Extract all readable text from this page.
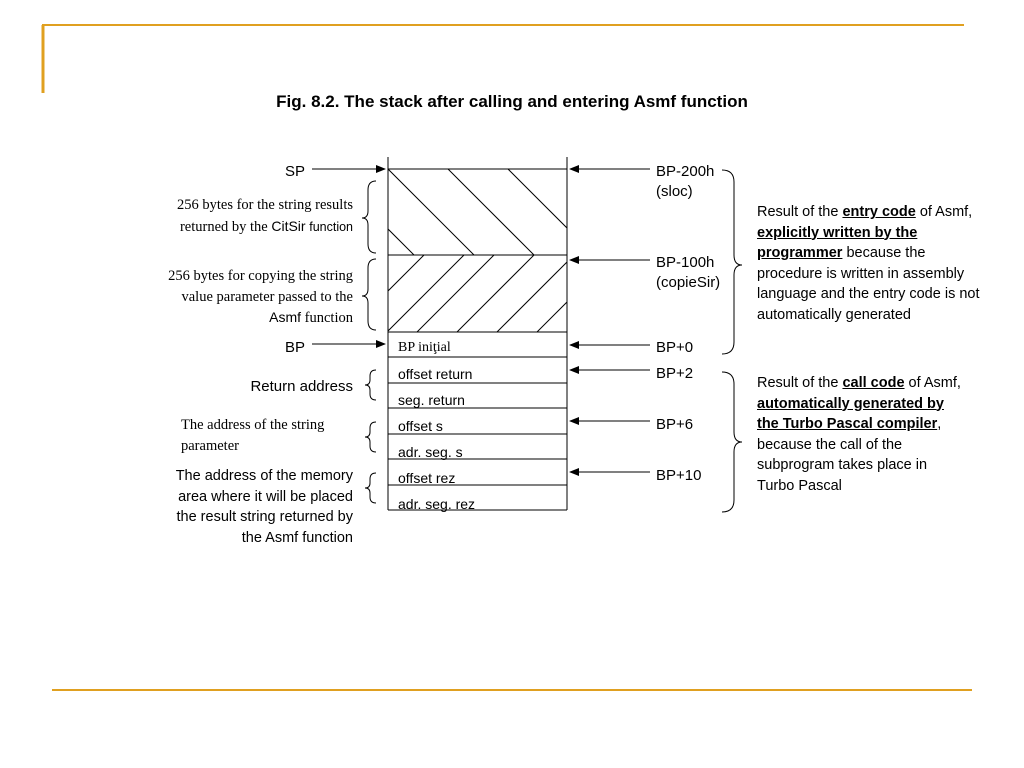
Fig. 8.2. The stack after calling and entering Asmf function
SP
BP
256 bytes for the string results
returned by the CitSir function
256 bytes for copying the string
value parameter passed to the
Asmf function
Return address
The address of the string
parameter
The address of the memory
area where it will be placed
the result string returned by
the Asmf function
BP iniţial
offset return
seg. return
offset s
adr. seg. s
offset rez
adr. seg. rez
BP-200h
(sloc)
BP-100h
(copieSir)
BP+0
BP+2
BP+6
BP+10
Result of the entry code of Asmf, explicitly written by the programmer because the procedure is written in assembly language and the entry code is not automatically generated
Result of the call code of Asmf, automatically generated by the Turbo Pascal compiler, because the call of the subprogram takes place in Turbo Pascal
